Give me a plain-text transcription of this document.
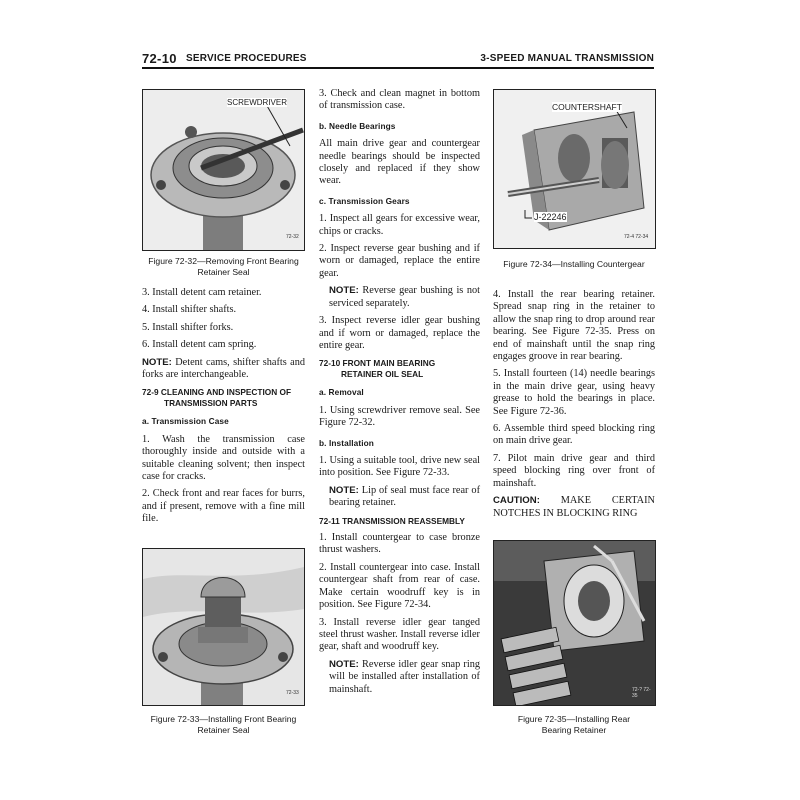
72-10 SERVICE PROCEDURES	3-SPEED MANUAL TRANSMISSION
SCREWDRIVER
72-32
Figure 72-32—Removing Front Bearing
Retainer Seal

3. Install detent cam retainer.

4. Install shifter shafts.

5. Install shifter forks.

6. Install detent cam spring.

NOTE: Detent cams, shifter shafts and forks are interchangeable.

72-9 CLEANING AND INSPECTION OF
TRANSMISSION PARTS
a. Transmission Case

1. Wash the transmission case thoroughly inside and outside with a suitable cleaning solvent; then inspect case for cracks.

2. Check front and rear faces for burrs, and if present, remove with a fine mill file.

72-33
Figure 72-33—Installing Front Bearing
Retainer Seal

3. Check and clean magnet in bottom of transmission case.

b. Needle Bearings

All main drive gear and countergear needle bearings should be inspected closely and replaced if they show wear.

c. Transmission Gears

1. Inspect all gears for excessive wear, chips or cracks.

2. Inspect reverse gear bushing and if worn or damaged, replace the entire gear.

NOTE: Reverse gear bushing is not serviced separately.

3. Inspect reverse idler gear bushing and if worn or damaged, replace the entire gear.

72-10 FRONT MAIN BEARING
RETAINER OIL SEAL
a. Removal

1. Using screwdriver remove seal. See Figure 72-32.

b. Installation

1. Using a suitable tool, drive new seal into position. See Figure 72-33.

NOTE: Lip of seal must face rear of bearing retainer.

72-11 TRANSMISSION REASSEMBLY

1. Install countergear to case bronze thrust washers.

2. Install countergear into case. Install countergear shaft from rear of case. Make certain woodruff key is in position. See Figure 72-34.

3. Install reverse idler gear tanged steel thrust washer. Install reverse idler gear, shaft and woodruff key.

NOTE: Reverse idler gear snap ring will be installed after installation of mainshaft.

COUNTERSHAFT
J-22246
72-4 72-34
Figure 72-34—Installing Countergear

4. Install the rear bearing retainer. Spread snap ring in the retainer to allow the snap ring to drop around rear bearing. See Figure 72-35. Press on end of mainshaft until the snap ring engages groove in rear bearing.

5. Install fourteen (14) needle bearings in the main drive gear, using heavy grease to hold the bearings in place. See Figure 72-36.

6. Assemble third speed blocking ring on main drive gear.

7. Pilot main drive gear and third speed blocking ring over front of mainshaft.

CAUTION: MAKE CERTAIN NOTCHES IN BLOCKING RING

72-? 72-35
Figure 72-35—Installing Rear
Bearing Retainer
